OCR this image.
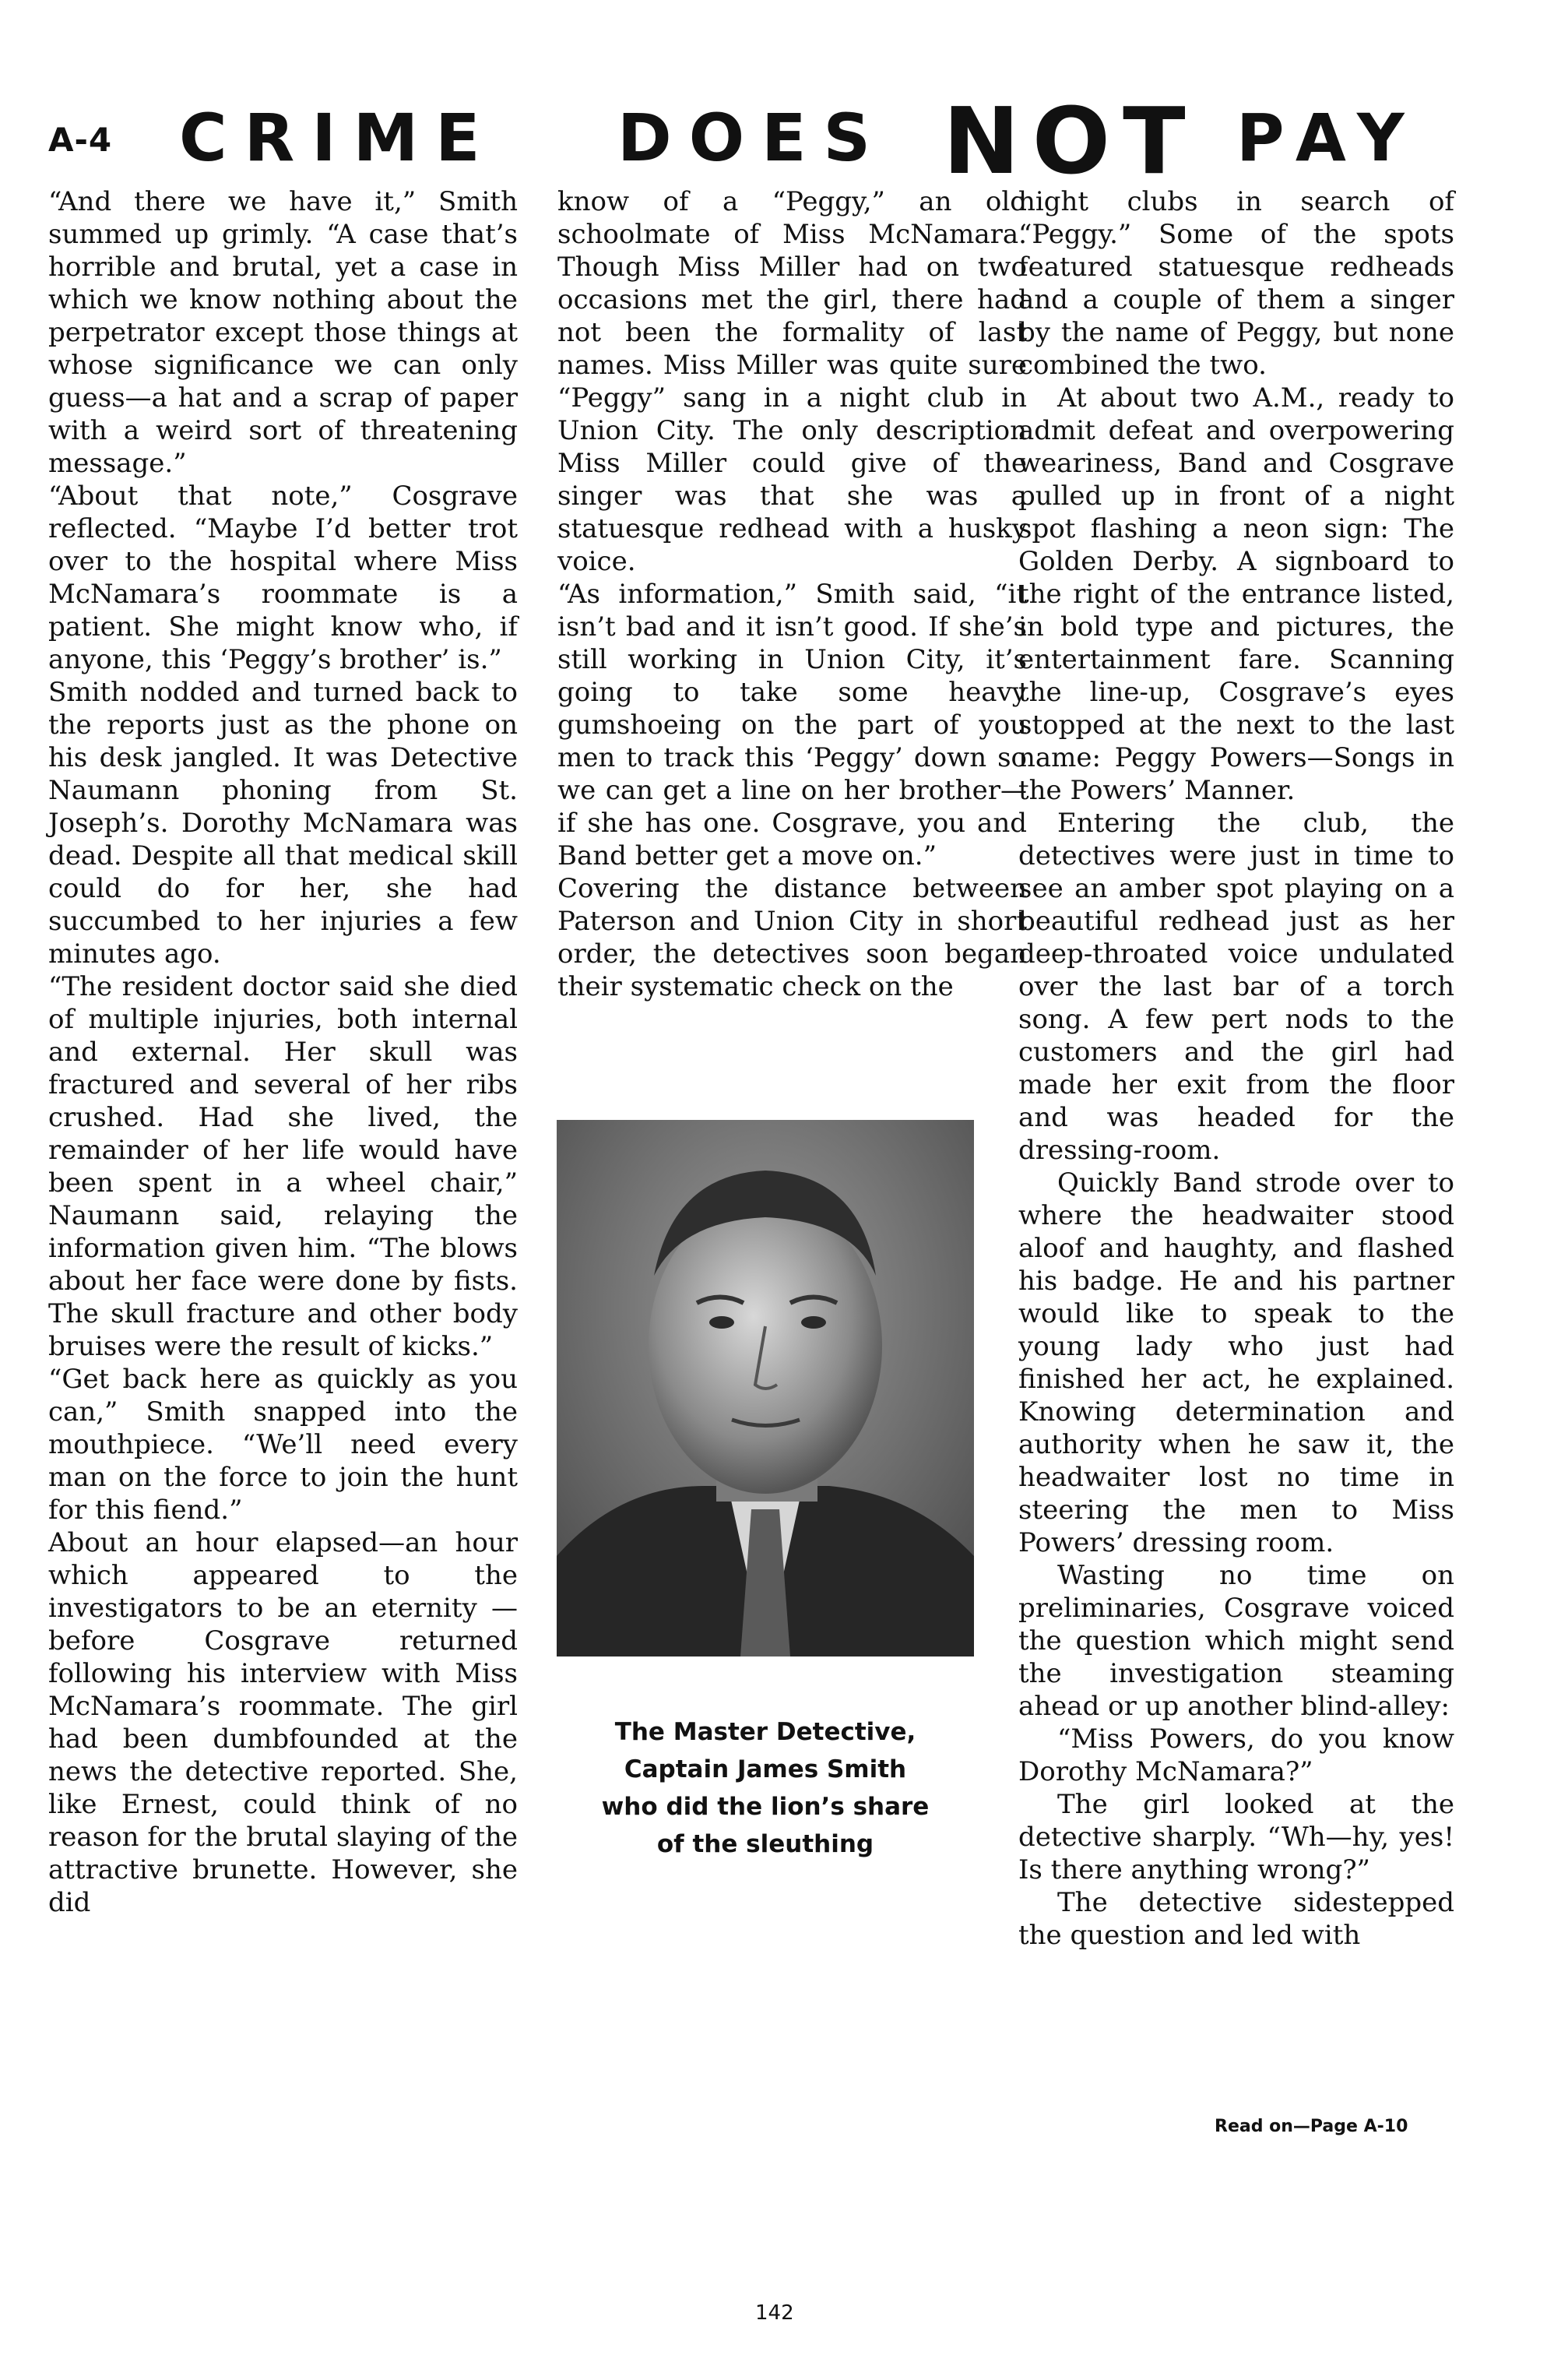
A-4 CRIME DOES NOT PAY

“And there we have it,” Smith summed up grimly. “A case that’s horrible and brutal, yet a case in which we know nothing about the perpetrator except those things at whose significance we can only guess—a hat and a scrap of paper with a weird sort of threatening message.”

“About that note,” Cosgrave reflected. “Maybe I’d better trot over to the hospital where Miss McNamara’s roommate is a patient. She might know who, if anyone, this ‘Peggy’s brother’ is.”

Smith nodded and turned back to the reports just as the phone on his desk jangled. It was Detective Naumann phoning from St. Joseph’s. Dorothy McNamara was dead. Despite all that medical skill could do for her, she had succumbed to her injuries a few minutes ago.

“The resident doctor said she died of multiple injuries, both internal and external. Her skull was fractured and several of her ribs crushed. Had she lived, the remainder of her life would have been spent in a wheel chair,” Naumann said, relaying the information given him. “The blows about her face were done by fists. The skull fracture and other body bruises were the result of kicks.”

“Get back here as quickly as you can,” Smith snapped into the mouthpiece. “We’ll need every man on the force to join the hunt for this fiend.”

About an hour elapsed—an hour which appeared to the investigators to be an eternity — before Cosgrave returned following his interview with Miss McNamara’s roommate. The girl had been dumbfounded at the news the detective reported. She, like Ernest, could think of no reason for the brutal slaying of the attractive brunette. However, she did

know of a “Peggy,” an old schoolmate of Miss McNamara. Though Miss Miller had on two occasions met the girl, there had not been the formality of last names. Miss Miller was quite sure “Peggy” sang in a night club in Union City. The only description Miss Miller could give of the singer was that she was a statuesque redhead with a husky voice.

“As information,” Smith said, “it isn’t bad and it isn’t good. If she’s still working in Union City, it’s going to take some heavy gumshoeing on the part of you men to track this ‘Peggy’ down so we can get a line on her brother—if she has one. Cosgrave, you and Band better get a move on.”

Covering the distance between Paterson and Union City in short order, the detectives soon began their systematic check on the

The Master Detective,
Captain James Smith
who did the lion’s share
of the sleuthing

night clubs in search of “Peggy.” Some of the spots featured statuesque redheads and a couple of them a singer by the name of Peggy, but none combined the two.

At about two A.M., ready to admit defeat and overpowering weariness, Band and Cosgrave pulled up in front of a night spot flashing a neon sign: The Golden Derby. A signboard to the right of the entrance listed, in bold type and pictures, the entertainment fare. Scanning the line-up, Cosgrave’s eyes stopped at the next to the last name: Peggy Powers—Songs in the Powers’ Manner.

Entering the club, the detectives were just in time to see an amber spot playing on a beautiful redhead just as her deep-throated voice undulated over the last bar of a torch song. A few pert nods to the customers and the girl had made her exit from the floor and was headed for the dressing-room.

Quickly Band strode over to where the headwaiter stood aloof and haughty, and flashed his badge. He and his partner would like to speak to the young lady who just had finished her act, he explained. Knowing determination and authority when he saw it, the headwaiter lost no time in steering the men to Miss Powers’ dressing room.

Wasting no time on preliminaries, Cosgrave voiced the question which might send the investigation steaming ahead or up another blind-alley:

“Miss Powers, do you know Dorothy McNamara?”

The girl looked at the detective sharply. “Wh—hy, yes! Is there anything wrong?”

The detective sidestepped the question and led with

Read on—Page A-10
142
